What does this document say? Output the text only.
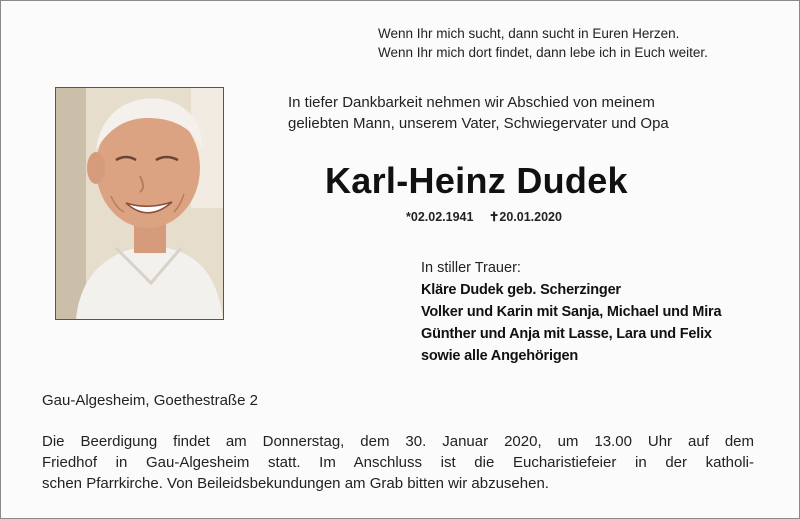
Wenn Ihr mich sucht, dann sucht in Euren Herzen.
Wenn Ihr mich dort findet, dann lebe ich in Euch weiter.
In tiefer Dankbarkeit nehmen wir Abschied von meinem
geliebten Mann, unserem Vater, Schwiegervater und Opa
Karl-Heinz Dudek
*02.02.1941 ✝20.01.2020
In stiller Trauer:
Kläre Dudek geb. Scherzinger
Volker und Karin mit Sanja, Michael und Mira
Günther und Anja mit Lasse, Lara und Felix
sowie alle Angehörigen
Gau-Algesheim, Goethestraße 2
Die Beerdigung findet am Donnerstag, dem 30. Januar 2020, um 13.00 Uhr auf dem
Friedhof in Gau-Algesheim statt. Im Anschluss ist die Eucharistiefeier in der katholi-
schen Pfarrkirche. Von Beileidsbekundungen am Grab bitten wir abzusehen.
